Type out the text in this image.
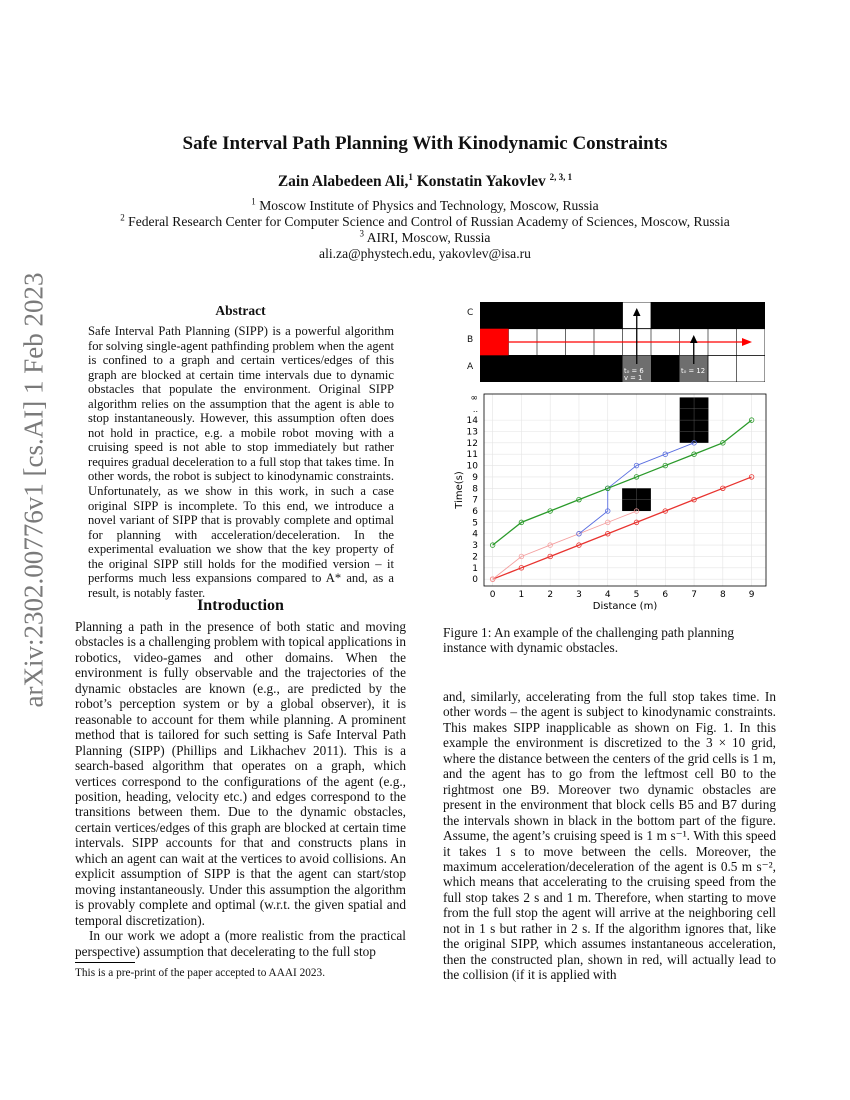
arXiv:2302.00776v1 [cs.AI] 1 Feb 2023
Safe Interval Path Planning With Kinodynamic Constraints
Zain Alabedeen Ali,$^1$ Konstatin Yakovlev $^{2, 3, 1}$
$^1$ Moscow Institute of Physics and Technology, Moscow, Russia
$^2$ Federal Research Center for Computer Science and Control of Russian Academy of Sciences, Moscow, Russia
$^3$ AIRI, Moscow, Russia
ali.za@phystech.edu, yakovlev@isa.ru
Abstract
Safe Interval Path Planning (SIPP) is a powerful algorithm for solving single-agent pathfinding problem when the agent is confined to a graph and certain vertices/edges of this graph are blocked at certain time intervals due to dynamic obstacles that populate the environment. Original SIPP algorithm relies on the assumption that the agent is able to stop instantaneously. However, this assumption often does not hold in practice, e.g. a mobile robot moving with a cruising speed is not able to stop immediately but rather requires gradual deceleration to a full stop that takes time. In other words, the robot is subject to kinodynamic constraints. Unfortunately, as we show in this work, in such a case original SIPP is incomplete. To this end, we introduce a novel variant of SIPP that is provably complete and optimal for planning with acceleration/deceleration. In the experimental evaluation we show that the key property of the original SIPP still holds for the modified version – it performs much less expansions compared to A* and, as a result, is notably faster.
Introduction

Planning a path in the presence of both static and moving obstacles is a challenging problem with topical applications in robotics, video-games and other domains. When the environment is fully observable and the trajectories of the dynamic obstacles are known (e.g., are predicted by the robot’s perception system or by a global observer), it is reasonable to account for them while planning. A prominent method that is tailored for such setting is Safe Interval Path Planning (SIPP) (Phillips and Likhachev 2011). This is a search-based algorithm that operates on a graph, which vertices correspond to the configurations of the agent (e.g., position, heading, velocity etc.) and edges correspond to the transitions between them. Due to the dynamic obstacles, certain vertices/edges of this graph are blocked at certain time intervals. SIPP accounts for that and constructs plans in which an agent can wait at the vertices to avoid collisions. An explicit assumption of SIPP is that the agent can start/stop moving instantaneously. Under this assumption the algorithm is provably complete and optimal (w.r.t. the given spatial and temporal discretization).

In our work we adopt a (more realistic from the practical perspective) assumption that decelerating to the full stop

This is a pre-print of the paper accepted to AAAI 2023.
t₀ = 6
v = 1
t₀ = 12
C
B
A
0	1	2	3	4	5	6	7	8	9
0
1
2
3
4
5
6
7
8
9
10
11
12
13
14
..
∞
Distance (m)
Time(s)
Figure 1: An example of the challenging path planning instance with dynamic obstacles.

and, similarly, accelerating from the full stop takes time. In other words – the agent is subject to kinodynamic constraints. This makes SIPP inapplicable as shown on Fig. 1. In this example the environment is discretized to the 3 × 10 grid, where the distance between the centers of the grid cells is 1 m, and the agent has to go from the leftmost cell B0 to the rightmost one B9. Moreover two dynamic obstacles are present in the environment that block cells B5 and B7 during the intervals shown in black in the bottom part of the figure. Assume, the agent’s cruising speed is 1 m s⁻¹. With this speed it takes 1 s to move between the cells. Moreover, the maximum acceleration/deceleration of the agent is 0.5 m s⁻², which means that accelerating to the cruising speed from the full stop takes 2 s and 1 m. Therefore, when starting to move from the full stop the agent will arrive at the neighboring cell not in 1 s but rather in 2 s. If the algorithm ignores that, like the original SIPP, which assumes instantaneous acceleration, then the constructed plan, shown in red, will actually lead to the collision (if it is applied with
